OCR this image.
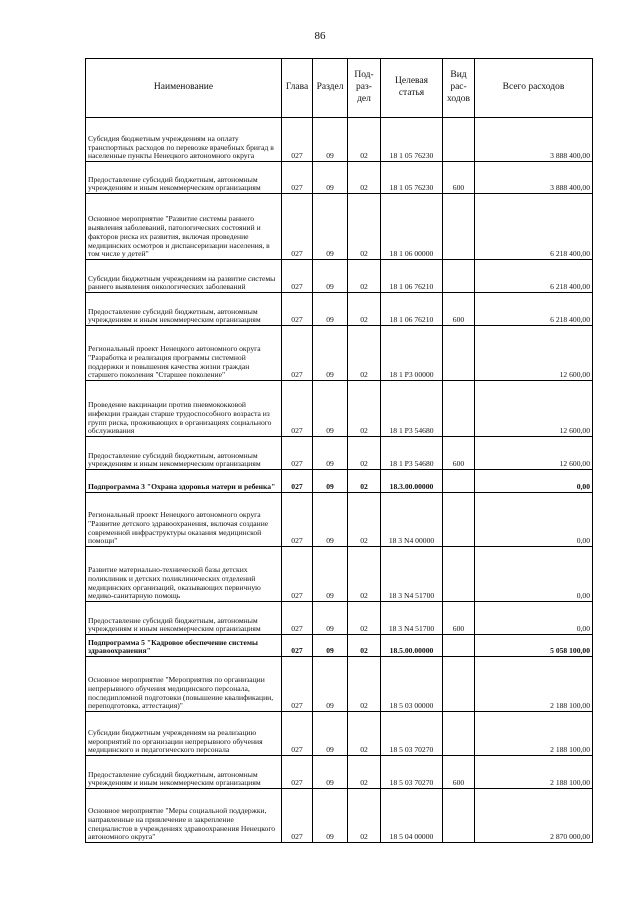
86
Наименование	Глава	Раздел	Под- раз- дел	Целевая статья	Вид рас- ходов	Всего расходов
Субсидия бюджетным учреждениям на оплату транспортных расходов по перевозке врачебных бригад в населенные пункты Ненецкого автономного округа	027	09	02	18 1 05 76230		3 888 400,00
Предоставление субсидий бюджетным, автономным учреждениям и иным некоммерческим организациям	027	09	02	18 1 05 76230	600	3 888 400,00
Основное мероприятие "Развитие системы раннего выявления заболеваний, патологических состояний и факторов риска их развития, включая проведение медицинских осмотров и диспансеризации населения, в том числе у детей"	027	09	02	18 1 06 00000		6 218 400,00
Субсидии бюджетным учреждениям на развитие системы раннего выявления онкологических заболеваний	027	09	02	18 1 06 76210		6 218 400,00
Предоставление субсидий бюджетным, автономным учреждениям и иным некоммерческим организациям	027	09	02	18 1 06 76210	600	6 218 400,00
Региональный проект Ненецкого автономного округа "Разработка и реализация программы системной поддержки и повышения качества жизни граждан старшего поколения "Старшее поколение"	027	09	02	18 1 P3 00000		12 600,00
Проведение вакцинации против пневмококковой инфекции граждан старше трудоспособного возраста из групп риска, проживающих в организациях социального обслуживания	027	09	02	18 1 P3 54680		12 600,00
Предоставление субсидий бюджетным, автономным учреждениям и иным некоммерческим организациям	027	09	02	18 1 P3 54680	600	12 600,00
Подпрограмма 3 "Охрана здоровья матери и ребенка"	027	09	02	18.3.00.00000		0,00
Региональный проект Ненецкого автономного округа "Развитие детского здравоохранения, включая создание современной инфраструктуры оказания медицинской помощи"	027	09	02	18 3 N4 00000		0,00
Развитие материально-технической базы детских поликлиник и детских поликлинических отделений медицинских организаций, оказывающих первичную медико-санитарную помощь	027	09	02	18 3 N4 51700		0,00
Предоставление субсидий бюджетным, автономным учреждениям и иным некоммерческим организациям	027	09	02	18 3 N4 51700	600	0,00
Подпрограмма 5 "Кадровое обеспечение системы здравоохранения"	027	09	02	18.5.00.00000		5 058 100,00
Основное мероприятие "Мероприятия по организации непрерывного обучения медицинского персонала, последипломной подготовки (повышение квалификации, переподготовка, аттестация)"	027	09	02	18 5 03 00000		2 188 100,00
Субсидии бюджетным учреждениям на реализацию мероприятий по организации непрерывного обучения медицинского и педагогического персонала	027	09	02	18 5 03 70270		2 188 100,00
Предоставление субсидий бюджетным, автономным учреждениям и иным некоммерческим организациям	027	09	02	18 5 03 70270	600	2 188 100,00
Основное мероприятие "Меры социальной поддержки, направленные на привлечение и закрепление специалистов в учреждениях здравоохранения Ненецкого автономного округа"	027	09	02	18 5 04 00000		2 870 000,00
